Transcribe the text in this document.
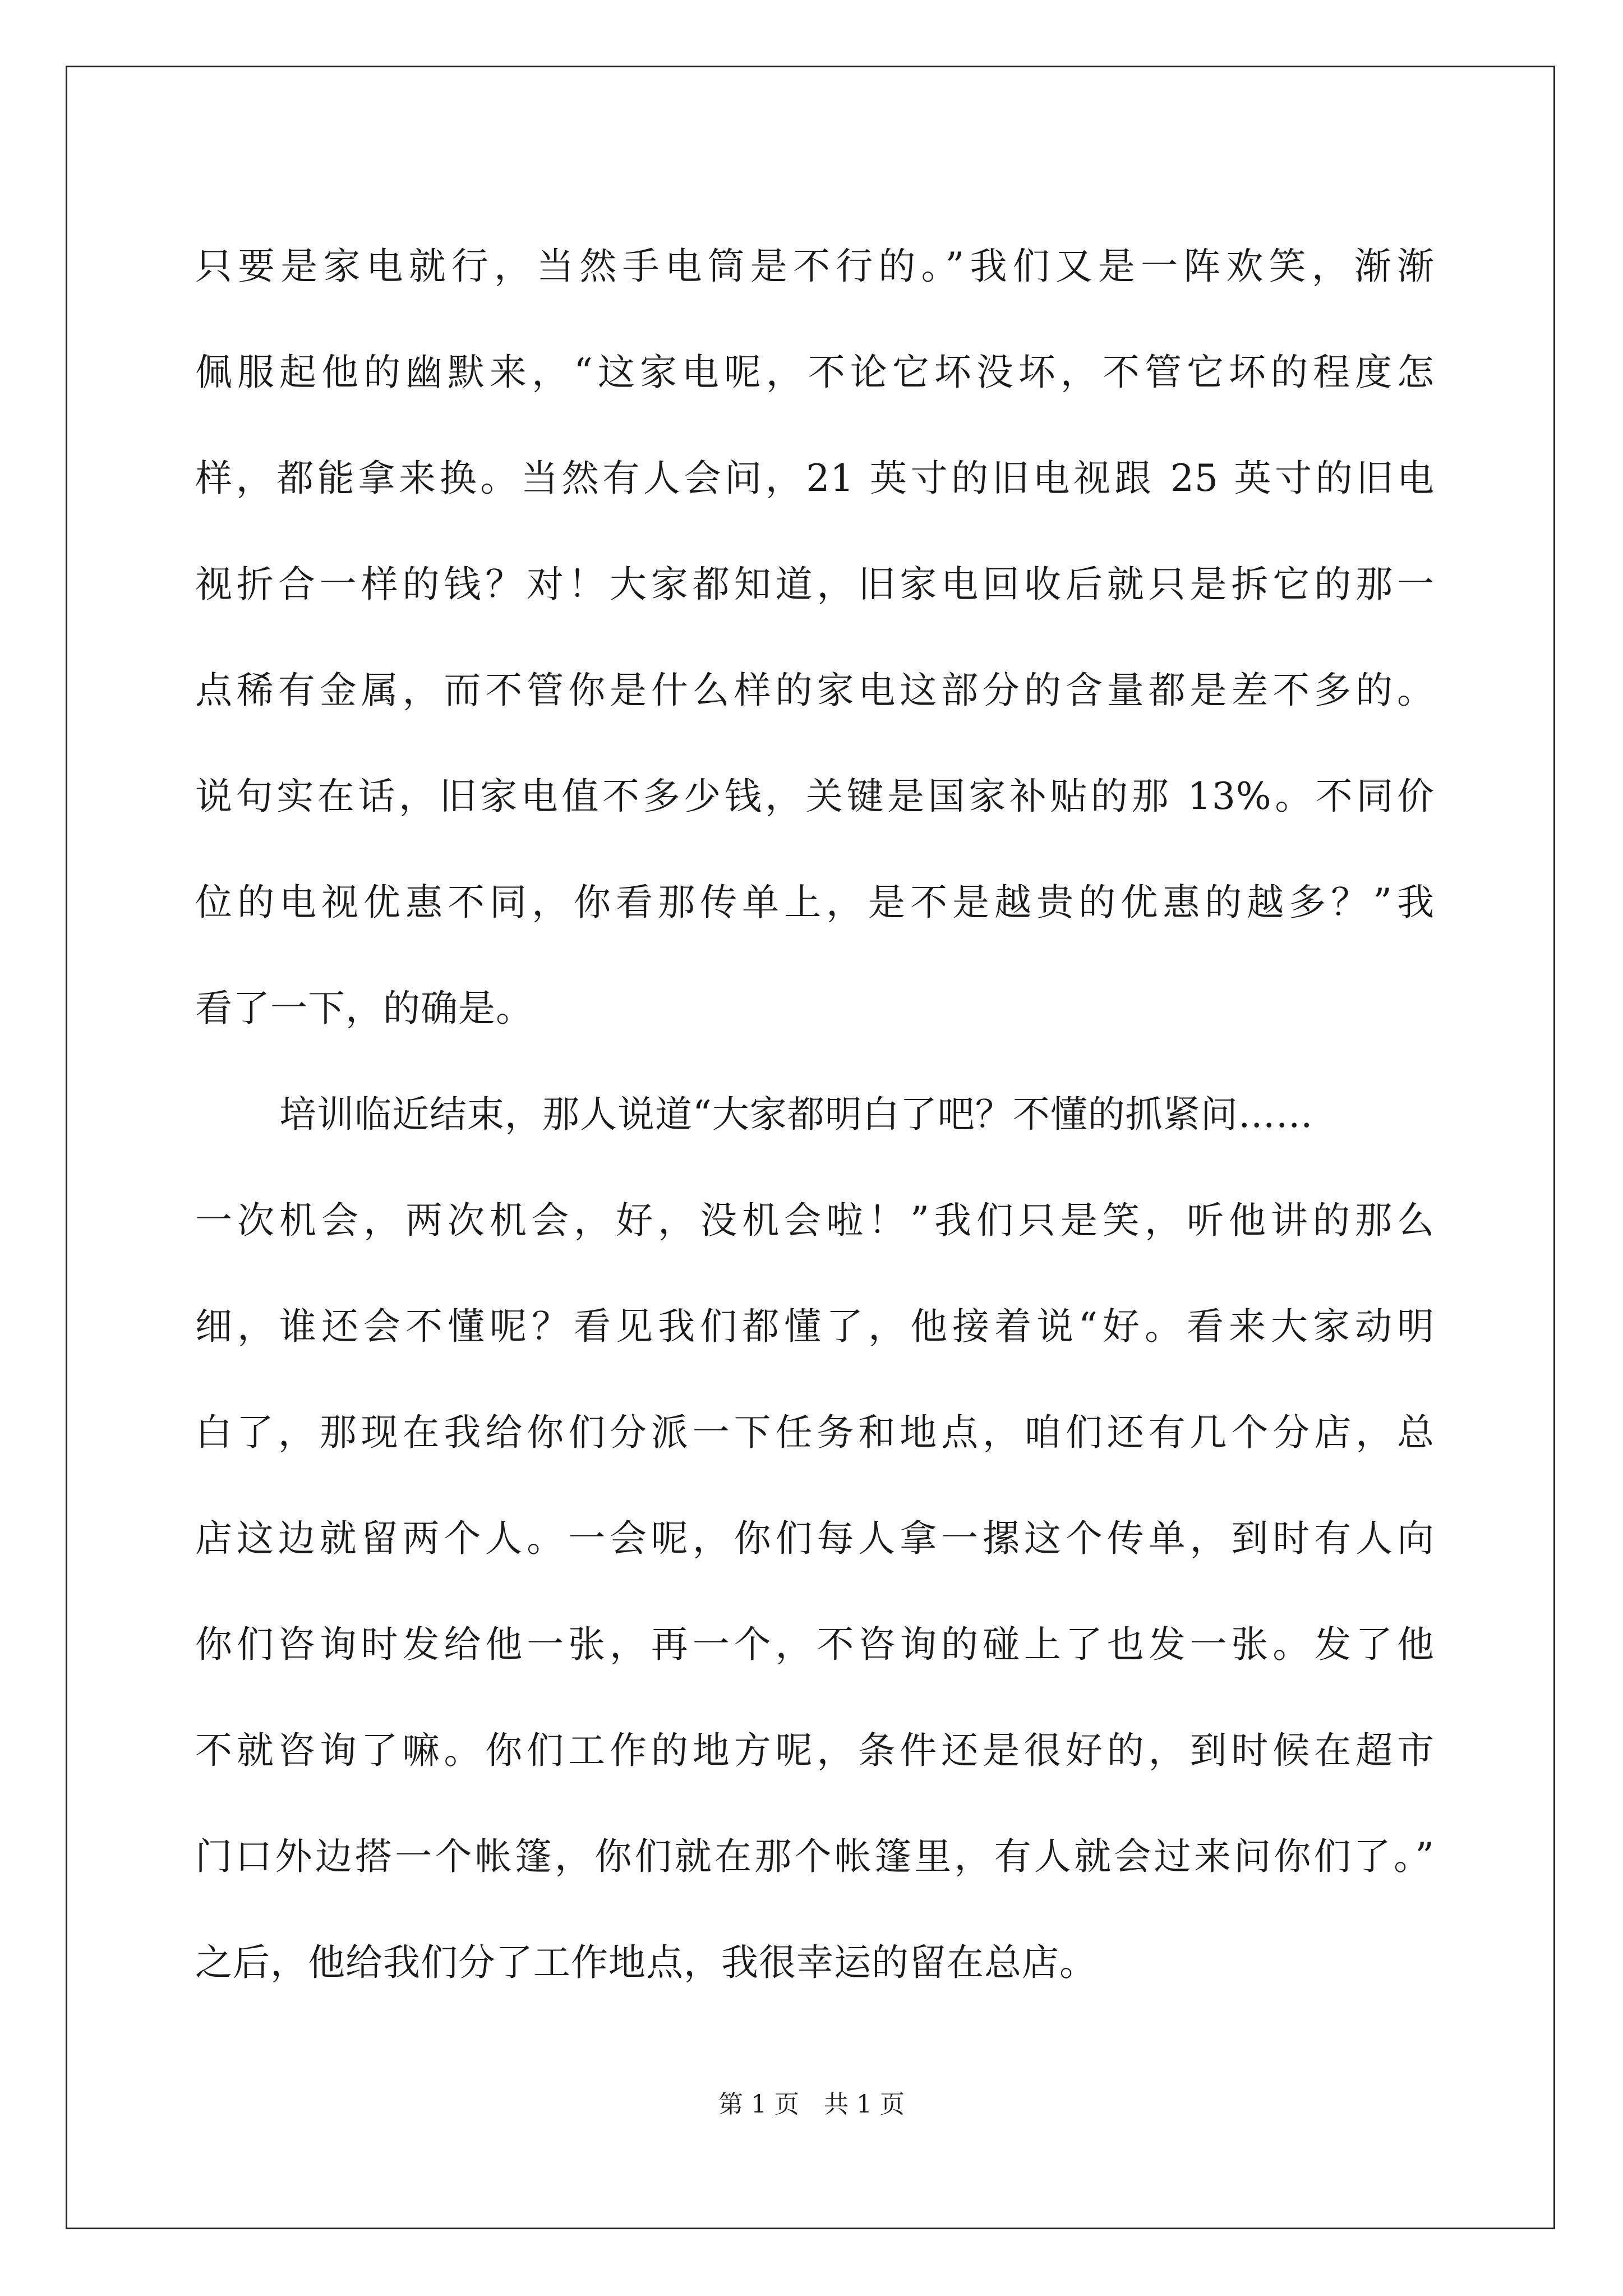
只要是家电就行，当然手电筒是不行的。”我们又是一阵欢笑，渐渐
佩服起他的幽默来，“这家电呢，不论它坏没坏，不管它坏的程度怎
样，都能拿来换。当然有人会问，21 英寸的旧电视跟 25 英寸的旧电
视折合一样的钱？对！大家都知道，旧家电回收后就只是拆它的那一
点稀有金属，而不管你是什么样的家电这部分的含量都是差不多的。
说句实在话，旧家电值不多少钱，关键是国家补贴的那 13%。不同价
位的电视优惠不同，你看那传单上，是不是越贵的优惠的越多？”我
看了一下，的确是。
培训临近结束，那人说道“大家都明白了吧？不懂的抓紧问……
一次机会，两次机会，好，没机会啦！”我们只是笑，听他讲的那么
细，谁还会不懂呢？看见我们都懂了，他接着说“好。看来大家动明
白了，那现在我给你们分派一下任务和地点，咱们还有几个分店，总
店这边就留两个人。一会呢，你们每人拿一摞这个传单，到时有人向
你们咨询时发给他一张，再一个，不咨询的碰上了也发一张。发了他
不就咨询了嘛。你们工作的地方呢，条件还是很好的，到时候在超市
门口外边搭一个帐篷，你们就在那个帐篷里，有人就会过来问你们了。”
之后，他给我们分了工作地点，我很幸运的留在总店。
第 1 页 共 1 页
